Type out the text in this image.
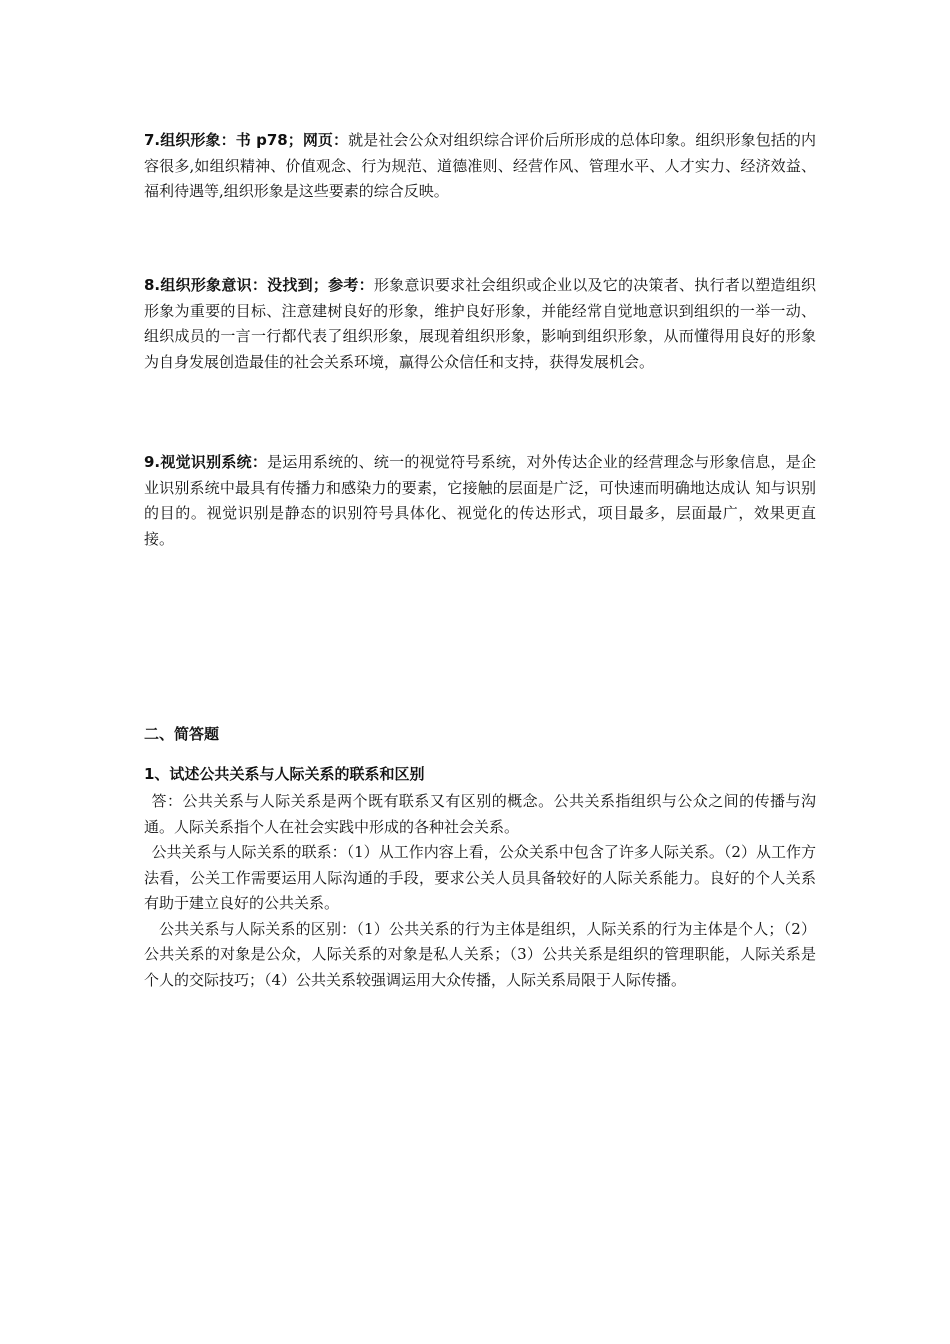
7.组织形象：书 p78；网页：就是社会公众对组织综合评价后所形成的总体印象。组织形象包括的内容很多,如组织精神、价值观念、行为规范、道德准则、经营作风、管理水平、人才实力、经济效益、福利待遇等,组织形象是这些要素的综合反映。

8.组织形象意识：没找到；参考：形象意识要求社会组织或企业以及它的决策者、执行者以塑造组织形象为重要的目标、注意建树良好的形象，维护良好形象，并能经常自觉地意识到组织的一举一动、组织成员的一言一行都代表了组织形象，展现着组织形象，影响到组织形象，从而懂得用良好的形象为自身发展创造最佳的社会关系环境，赢得公众信任和支持，获得发展机会。

9.视觉识别系统：是运用系统的、统一的视觉符号系统，对外传达企业的经营理念与形象信息，是企业识别系统中最具有传播力和感染力的要素，它接触的层面是广泛，可快速而明确地达成认 知与识别的目的。视觉识别是静态的识别符号具体化、视觉化的传达形式，项目最多，层面最广，效果更直接。

二、简答题
1、试述公共关系与人际关系的联系和区别

答：公共关系与人际关系是两个既有联系又有区别的概念。公共关系指组织与公众之间的传播与沟通。人际关系指个人在社会实践中形成的各种社会关系。

公共关系与人际关系的联系：（1）从工作内容上看，公众关系中包含了许多人际关系。（2）从工作方法看，公关工作需要运用人际沟通的手段，要求公关人员具备较好的人际关系能力。良好的个人关系有助于建立良好的公共关系。

公共关系与人际关系的区别：（1）公共关系的行为主体是组织，人际关系的行为主体是个人；（2）公共关系的对象是公众，人际关系的对象是私人关系；（3）公共关系是组织的管理职能，人际关系是个人的交际技巧；（4）公共关系较强调运用大众传播，人际关系局限于人际传播。
